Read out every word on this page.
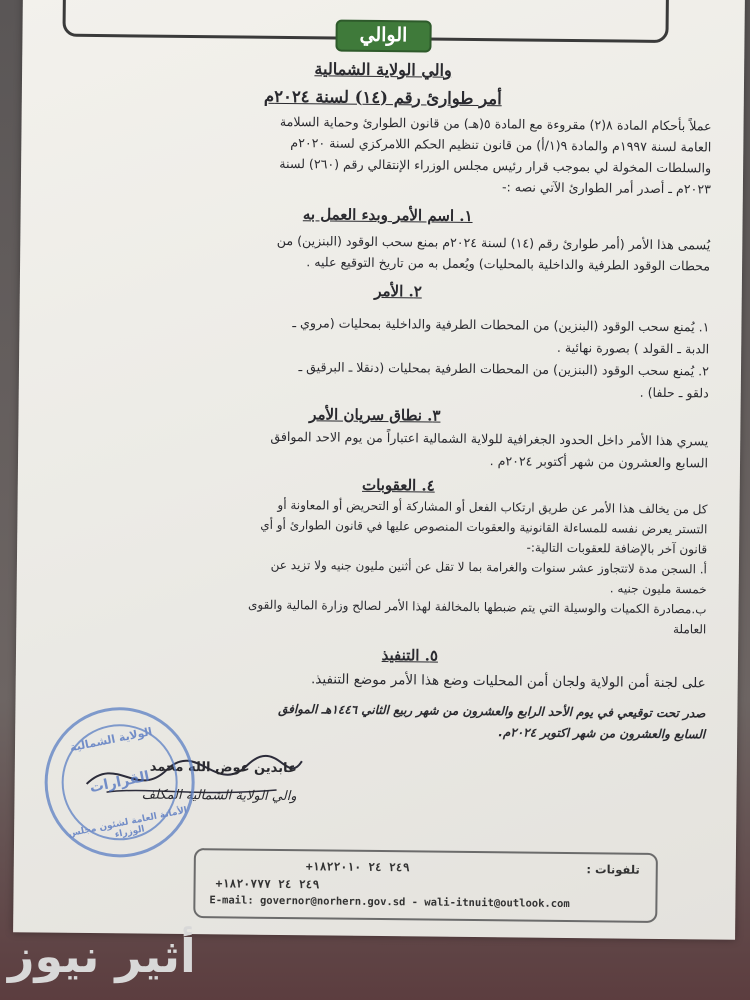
الوالي
والي الولاية الشمالية
أمر طوارئ رقم (١٤) لسنة ٢٠٢٤م
عملاً بأحكام المادة ٨(٢) مقروءة مع المادة ٥(هـ) من قانون الطوارئ وحماية السلامة
العامة لسنة ١٩٩٧م والمادة ٩(١/أ) من قانون تنظيم الحكم اللامركزي لسنة ٢٠٢٠م
والسلطات المخولة لي بموجب قرار رئيس مجلس الوزراء الإنتقالي رقم (٢٦٠) لسنة
٢٠٢٣م ـ أصدر أمر الطوارئ الآتي نصه :-
١. اسم الأمر وبدء العمل به
يُسمى هذا الأمر (أمر طوارئ رقم (١٤) لسنة ٢٠٢٤م بمنع سحب الوقود (البنزين) من
محطات الوقود الطرفية والداخلية بالمحليات) ويُعمل به من تاريخ التوقيع عليه .
٢. الأمر
١. يُمنع سحب الوقود (البنزين) من المحطات الطرفية والداخلية بمحليات (مروي ـ
الدبة ـ القولد ) بصورة نهائية .
٢. يُمنع سحب الوقود (البنزين) من المحطات الطرفية بمحليات (دنقلا ـ البرقيق ـ
دلقو ـ حلفا) .
٣. نطاق سريان الأمر
يسري هذا الأمر داخل الحدود الجغرافية للولاية الشمالية اعتباراً من يوم الاحد الموافق
السابع والعشرون من شهر أكتوبر ٢٠٢٤م .
٤. العقوبات
كل من يخالف هذا الأمر عن طريق ارتكاب الفعل أو المشاركة أو التحريض أو المعاونة أو
التستر يعرض نفسه للمساءلة القانونية والعقوبات المنصوص عليها في قانون الطوارئ أو أي
قانون آخر بالإضافة للعقوبات التالية:-
أ. السجن مدة لاتتجاوز عشر سنوات والغرامة بما لا تقل عن أثنين مليون جنيه ولا تزيد عن
خمسة مليون جنيه .
ب.مصادرة الكميات والوسيلة التي يتم ضبطها بالمخالفة لهذا الأمر لصالح وزارة المالية والقوى
العاملة
٥. التنفيذ
على لجنة أمن الولاية ولجان أمن المحليات وضع هذا الأمر موضع التنفيذ.
صدر تحت توقيعي في يوم الأحد الرابع والعشرون من شهر ربيع الثاني ١٤٤٦هـ الموافق
السابع والعشرون من شهر اكتوبر ٢٠٢٤م.
عابدين عوض الله محمد
والي الولاية الشمالية المكلف
الولاية الشمالية
القرارات
الأمانة العامة لشئون مجلس الوزراء
تلفونات :
+٢٤٩ ٢٤ ١٨٢٢٠١٠
+٢٤٩ ٢٤ ١٨٢٠٧٧٧
E-mail: governor@norhern.gov.sd - wali-itnuit@outlook.com
أثير نيوز
